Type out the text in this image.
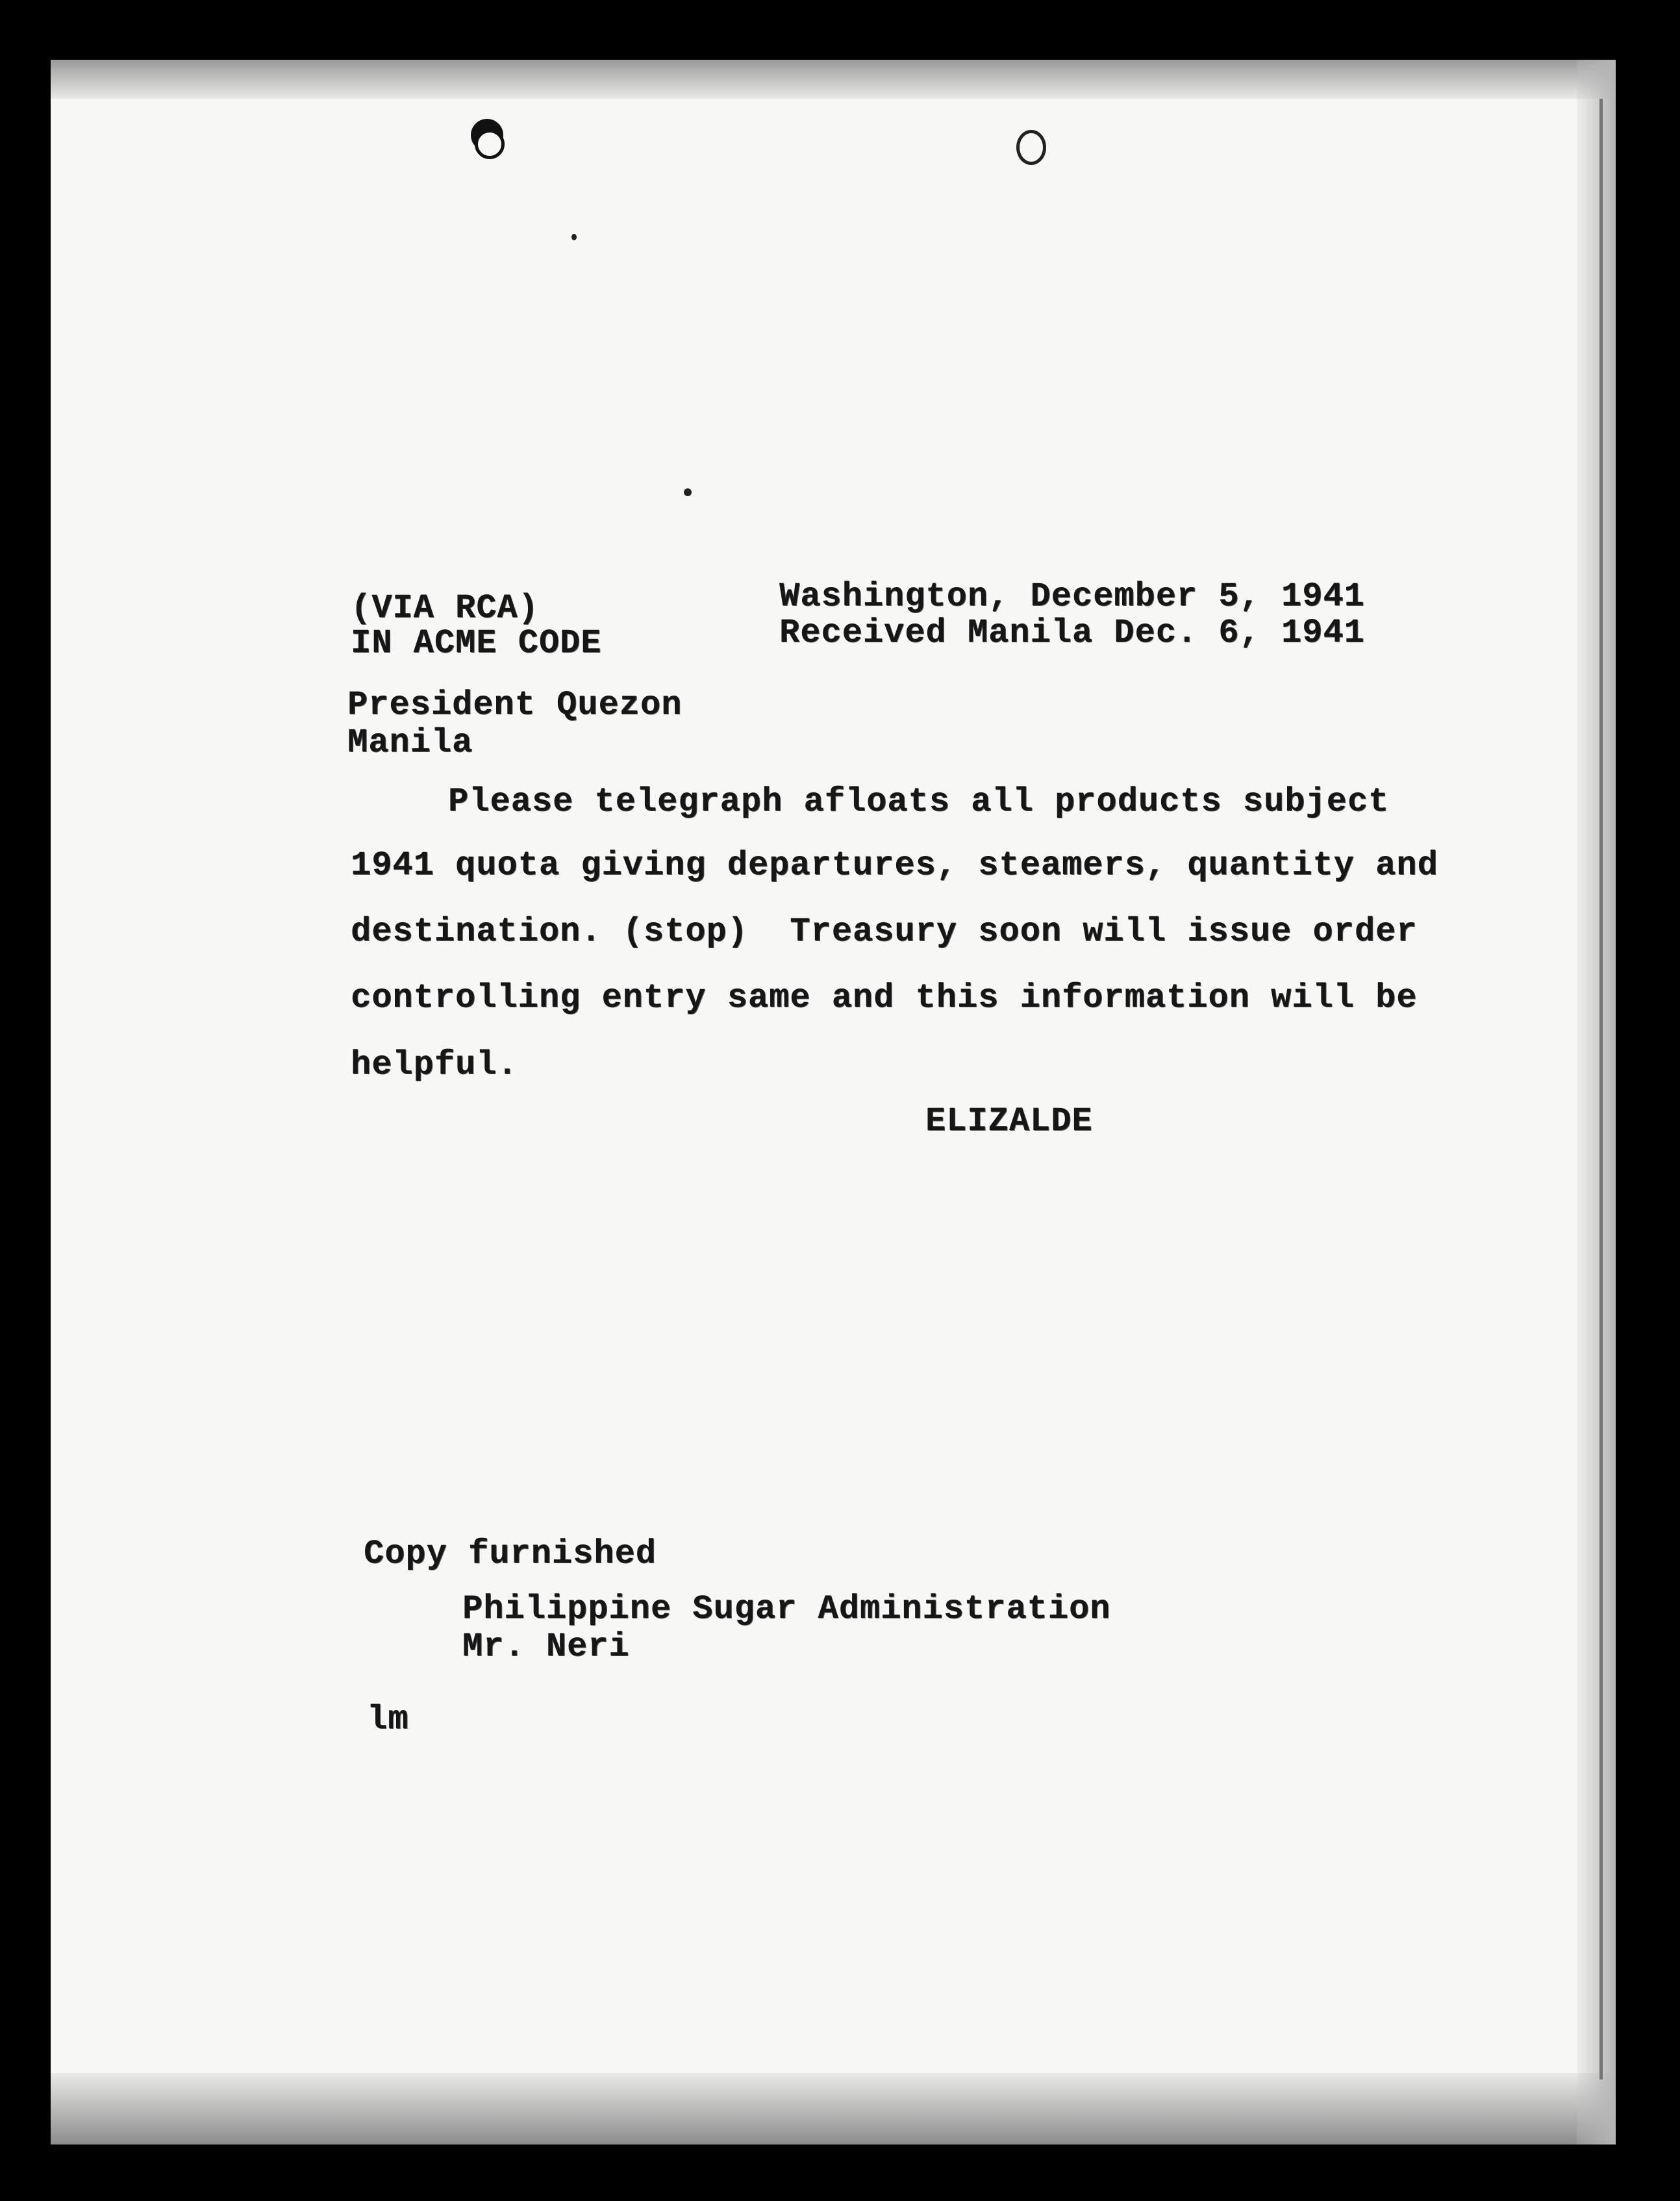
(VIA RCA)
IN ACME CODE
Washington, December 5, 1941
Received Manila Dec. 6, 1941
President Quezon
Manila
Please telegraph afloats all products subject
1941 quota giving departures, steamers, quantity and
destination. (stop)  Treasury soon will issue order
controlling entry same and this information will be
helpful.
ELIZALDE
Copy furnished
Philippine Sugar Administration
Mr. Neri
lm
